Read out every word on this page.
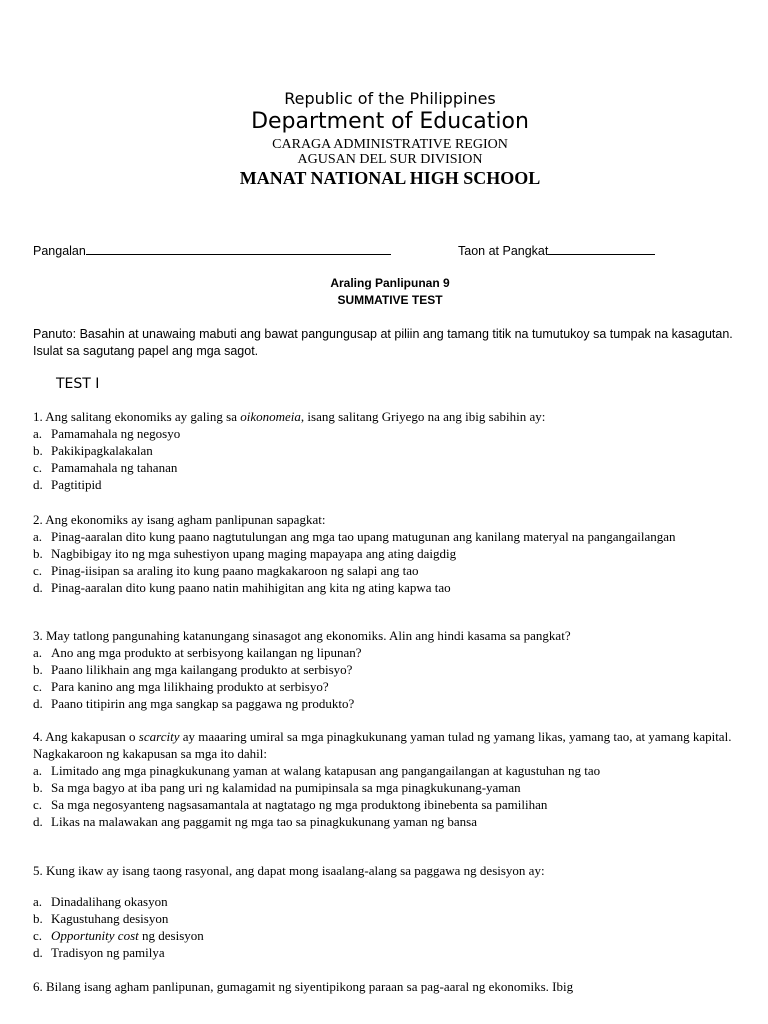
Republic of the Philippines
Department of Education
CARAGA ADMINISTRATIVE REGION
AGUSAN DEL SUR DIVISION
MANAT NATIONAL HIGH SCHOOL
Pangalan	Taon at Pangkat
Araling Panlipunan 9
SUMMATIVE TEST
Panuto: Basahin at unawaing mabuti ang bawat pangungusap at piliin ang tamang titik na tumutukoy sa tumpak na kasagutan. Isulat sa sagutang papel ang mga sagot.
TEST I
1. Ang salitang ekonomiks ay galing sa oikonomeia, isang salitang Griyego na ang ibig sabihin ay:
a. Pamamahala ng negosyo
b. Pakikipagkalakalan
c. Pamamahala ng tahanan
d. Pagtitipid
2. Ang ekonomiks ay isang agham panlipunan sapagkat:
a. Pinag-aaralan dito kung paano nagtutulungan ang mga tao upang matugunan ang kanilang materyal na pangangailangan
b. Nagbibigay ito ng mga suhestiyon upang maging mapayapa ang ating daigdig
c. Pinag-iisipan sa araling ito kung paano magkakaroon ng salapi ang tao
d. Pinag-aaralan dito kung paano natin mahihigitan ang kita ng ating kapwa tao
3. May tatlong pangunahing katanungang sinasagot ang ekonomiks. Alin ang hindi kasama sa pangkat?
a. Ano ang mga produkto at serbisyong kailangan ng lipunan?
b. Paano lilikhain ang mga kailangang produkto at serbisyo?
c. Para kanino ang mga lilikhaing produkto at serbisyo?
d. Paano titipirin ang mga sangkap sa paggawa ng produkto?
4. Ang kakapusan o scarcity ay maaaring umiral sa mga pinagkukunang yaman tulad ng yamang likas, yamang tao, at yamang kapital. Nagkakaroon ng kakapusan sa mga ito dahil:
a. Limitado ang mga pinagkukunang yaman at walang katapusan ang pangangailangan at kagustuhan ng tao
b. Sa mga bagyo at iba pang uri ng kalamidad na pumipinsala sa mga pinagkukunang-yaman
c. Sa mga negosyanteng nagsasamantala at nagtatago ng mga produktong ibinebenta sa pamilihan
d. Likas na malawakan ang paggamit ng mga tao sa pinagkukunang yaman ng bansa
5. Kung ikaw ay isang taong rasyonal, ang dapat mong isaalang-alang sa paggawa ng desisyon ay:
a. Dinadalihang okasyon
b. Kagustuhang desisyon
c. Opportunity cost ng desisyon
d. Tradisyon ng pamilya
6. Bilang isang agham panlipunan, gumagamit ng siyentipikong paraan sa pag-aaral ng ekonomiks. Ibig
